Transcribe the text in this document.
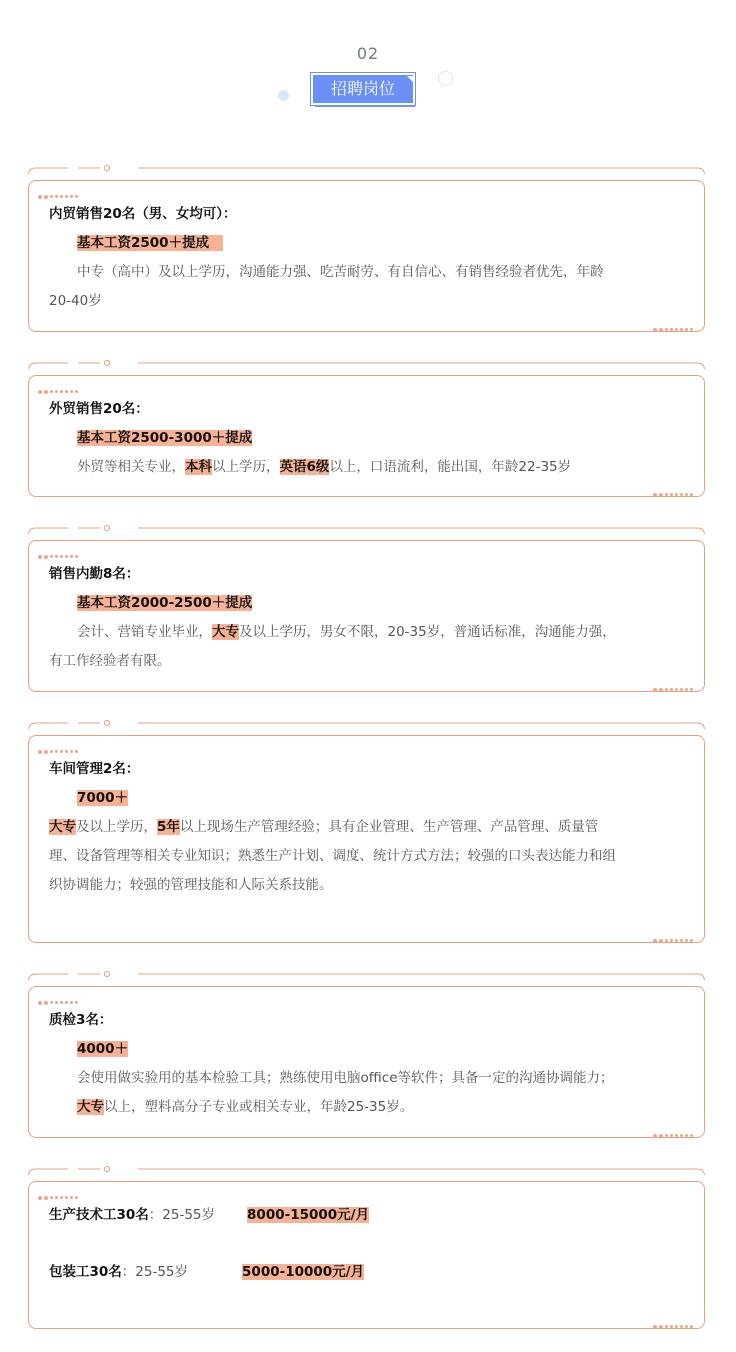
02
招聘岗位
内贸销售20名（男、女均可）：
基本工资2500＋提成
中专（高中）及以上学历，沟通能力强、吃苦耐劳、有自信心、有销售经验者优先，年龄
20-40岁
外贸销售20名：
基本工资2500-3000＋提成
外贸等相关专业，本科以上学历，英语6级以上，口语流利，能出国，年龄22-35岁
销售内勤8名：
基本工资2000-2500＋提成
会计、营销专业毕业，大专及以上学历，男女不限，20-35岁，普通话标准，沟通能力强，
有工作经验者有限。
车间管理2名：
7000＋
大专及以上学历，5年以上现场生产管理经验；具有企业管理、生产管理、产品管理、质量管
理、设备管理等相关专业知识；熟悉生产计划、调度、统计方式方法；较强的口头表达能力和组
织协调能力；较强的管理技能和人际关系技能。
质检3名：
4000＋
会使用做实验用的基本检验工具；熟练使用电脑office等软件；具备一定的沟通协调能力；
大专以上，塑料高分子专业或相关专业，年龄25-35岁。
生产技术工30名：25-55岁 8000-15000元/月
包装工30名：25-55岁	5000-10000元/月
